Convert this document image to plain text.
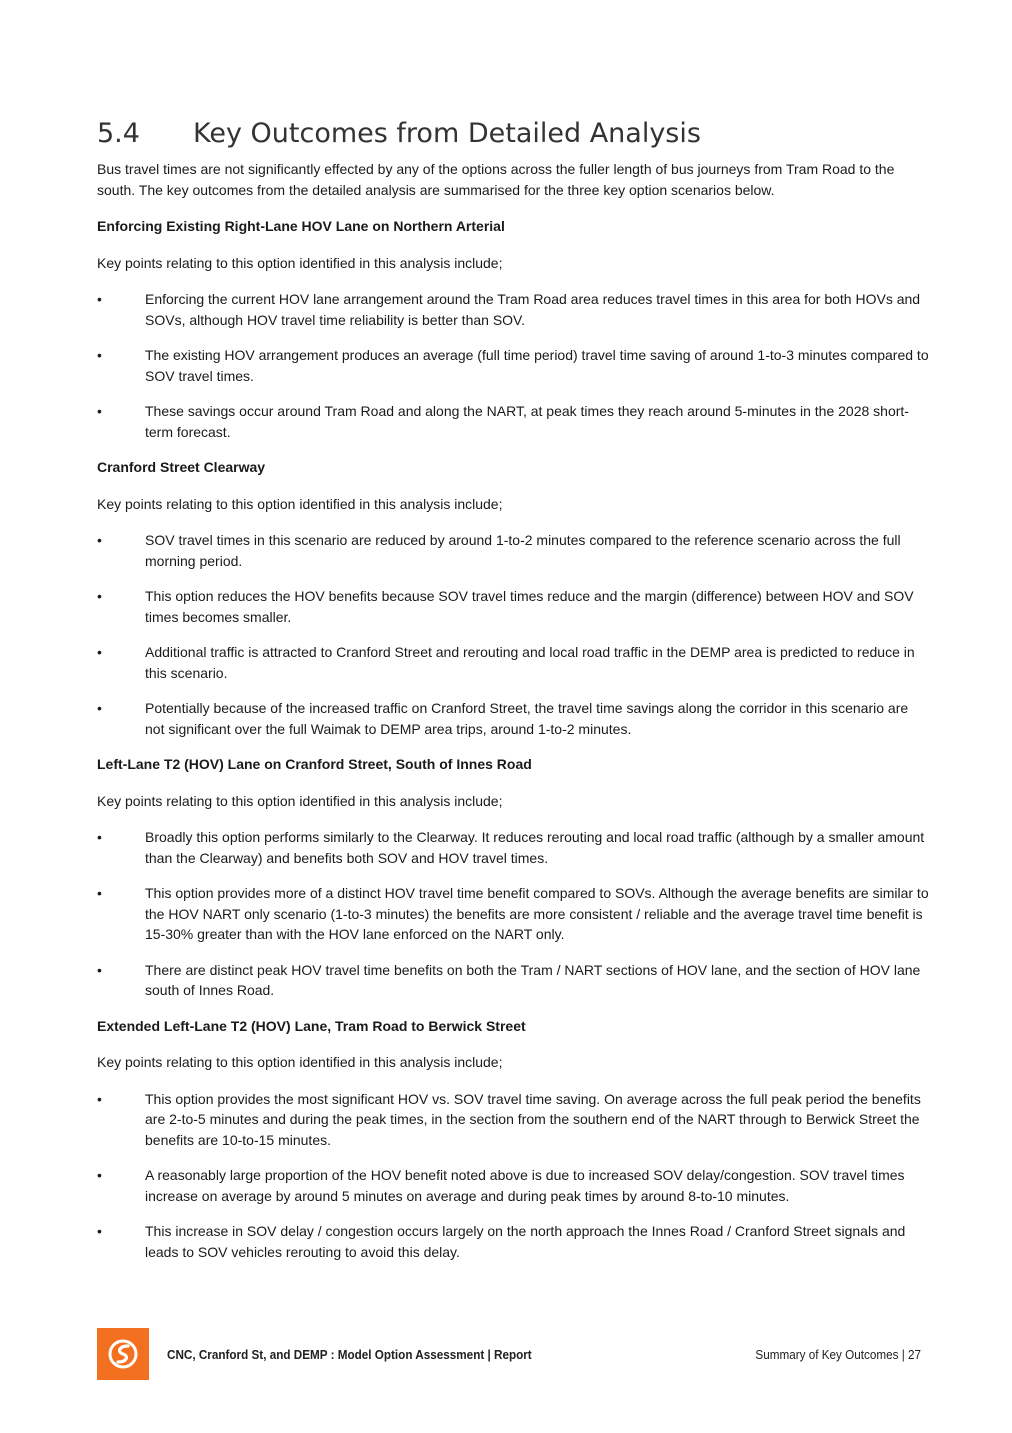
5.4	Key Outcomes from Detailed Analysis

Bus travel times are not significantly effected by any of the options across the fuller length of bus journeys from Tram Road to the south. The key outcomes from the detailed analysis are summarised for the three key option scenarios below.

Enforcing Existing Right-Lane HOV Lane on Northern Arterial

Key points relating to this option identified in this analysis include;

•	Enforcing the current HOV lane arrangement around the Tram Road area reduces travel times in this area for both HOVs and SOVs, although HOV travel time reliability is better than SOV.
•	The existing HOV arrangement produces an average (full time period) travel time saving of around 1-to-3 minutes compared to SOV travel times.
•	These savings occur around Tram Road and along the NART, at peak times they reach around 5-minutes in the 2028 short-term forecast.

Cranford Street Clearway

Key points relating to this option identified in this analysis include;

•	SOV travel times in this scenario are reduced by around 1-to-2 minutes compared to the reference scenario across the full morning period.
•	This option reduces the HOV benefits because SOV travel times reduce and the margin (difference) between HOV and SOV times becomes smaller.
•	Additional traffic is attracted to Cranford Street and rerouting and local road traffic in the DEMP area is predicted to reduce in this scenario.
•	Potentially because of the increased traffic on Cranford Street, the travel time savings along the corridor in this scenario are not significant over the full Waimak to DEMP area trips, around 1-to-2 minutes.

Left-Lane T2 (HOV) Lane on Cranford Street, South of Innes Road

Key points relating to this option identified in this analysis include;

•	Broadly this option performs similarly to the Clearway. It reduces rerouting and local road traffic (although by a smaller amount than the Clearway) and benefits both SOV and HOV travel times.
•	This option provides more of a distinct HOV travel time benefit compared to SOVs. Although the average benefits are similar to the HOV NART only scenario (1-to-3 minutes) the benefits are more consistent / reliable and the average travel time benefit is 15-30% greater than with the HOV lane enforced on the NART only.
•	There are distinct peak HOV travel time benefits on both the Tram / NART sections of HOV lane, and the section of HOV lane south of Innes Road.

Extended Left-Lane T2 (HOV) Lane, Tram Road to Berwick Street

Key points relating to this option identified in this analysis include;

•	This option provides the most significant HOV vs. SOV travel time saving. On average across the full peak period the benefits are 2-to-5 minutes and during the peak times, in the section from the southern end of the NART through to Berwick Street the benefits are 10-to-15 minutes.
•	A reasonably large proportion of the HOV benefit noted above is due to increased SOV delay/congestion. SOV travel times increase on average by around 5 minutes on average and during peak times by around 8-to-10 minutes.
•	This increase in SOV delay / congestion occurs largely on the north approach the Innes Road / Cranford Street signals and leads to SOV vehicles rerouting to avoid this delay.
CNC, Cranford St, and DEMP : Model Option Assessment | Report	Summary of Key Outcomes | 27
